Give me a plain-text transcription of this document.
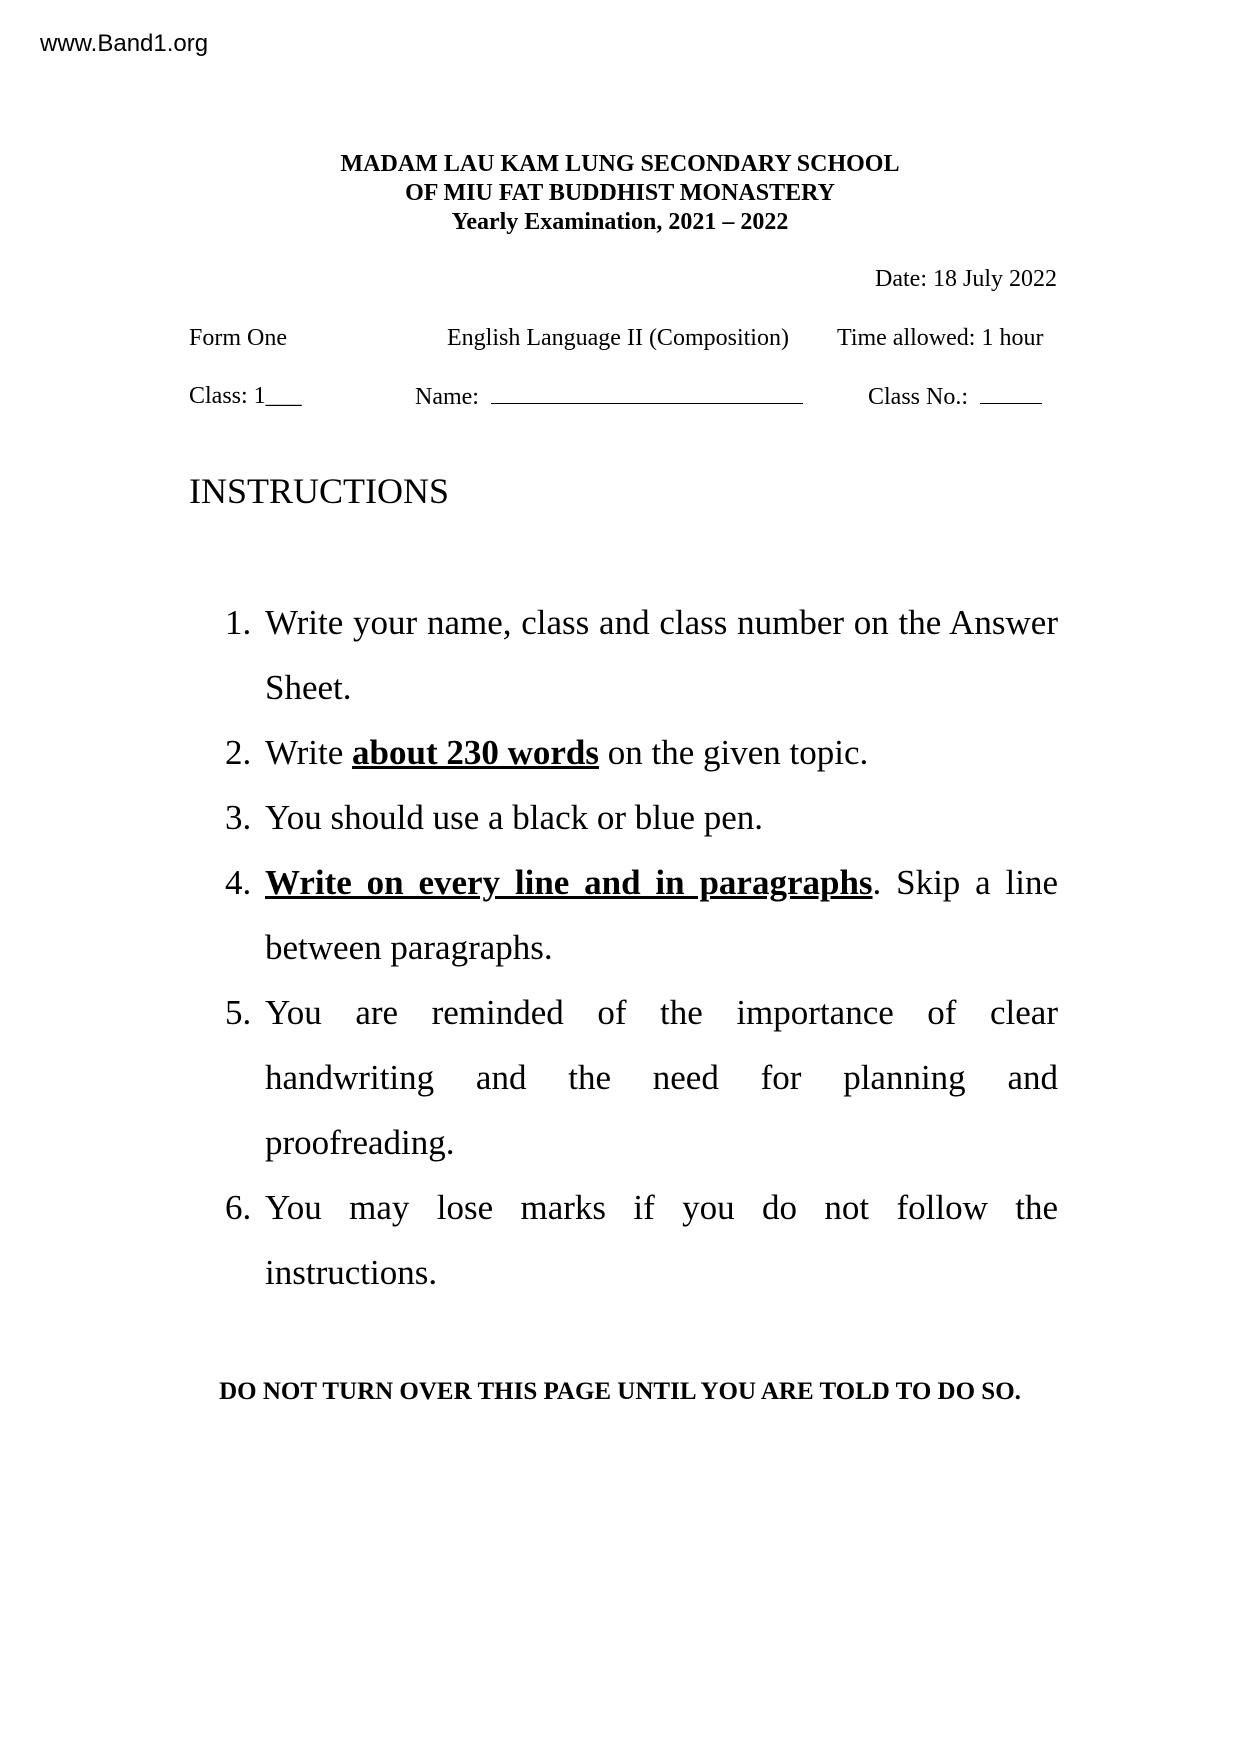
www.Band1.org
MADAM LAU KAM LUNG SECONDARY SCHOOL
OF MIU FAT BUDDHIST MONASTERY
Yearly Examination, 2021 – 2022
Date: 18 July 2022
Form One	English Language II (Composition) Time allowed: 1 hour
Class: 1___	Name:	Class No.:
INSTRUCTIONS
1. Write your name, class and class number on the Answer Sheet.
2. Write about 230 words on the given topic.
3. You should use a black or blue pen.
4. Write on every line and in paragraphs. Skip a line between paragraphs.
5. You are reminded of the importance of clear handwriting and the need for planning and proofreading.
6. You may lose marks if you do not follow the instructions.
DO NOT TURN OVER THIS PAGE UNTIL YOU ARE TOLD TO DO SO.
